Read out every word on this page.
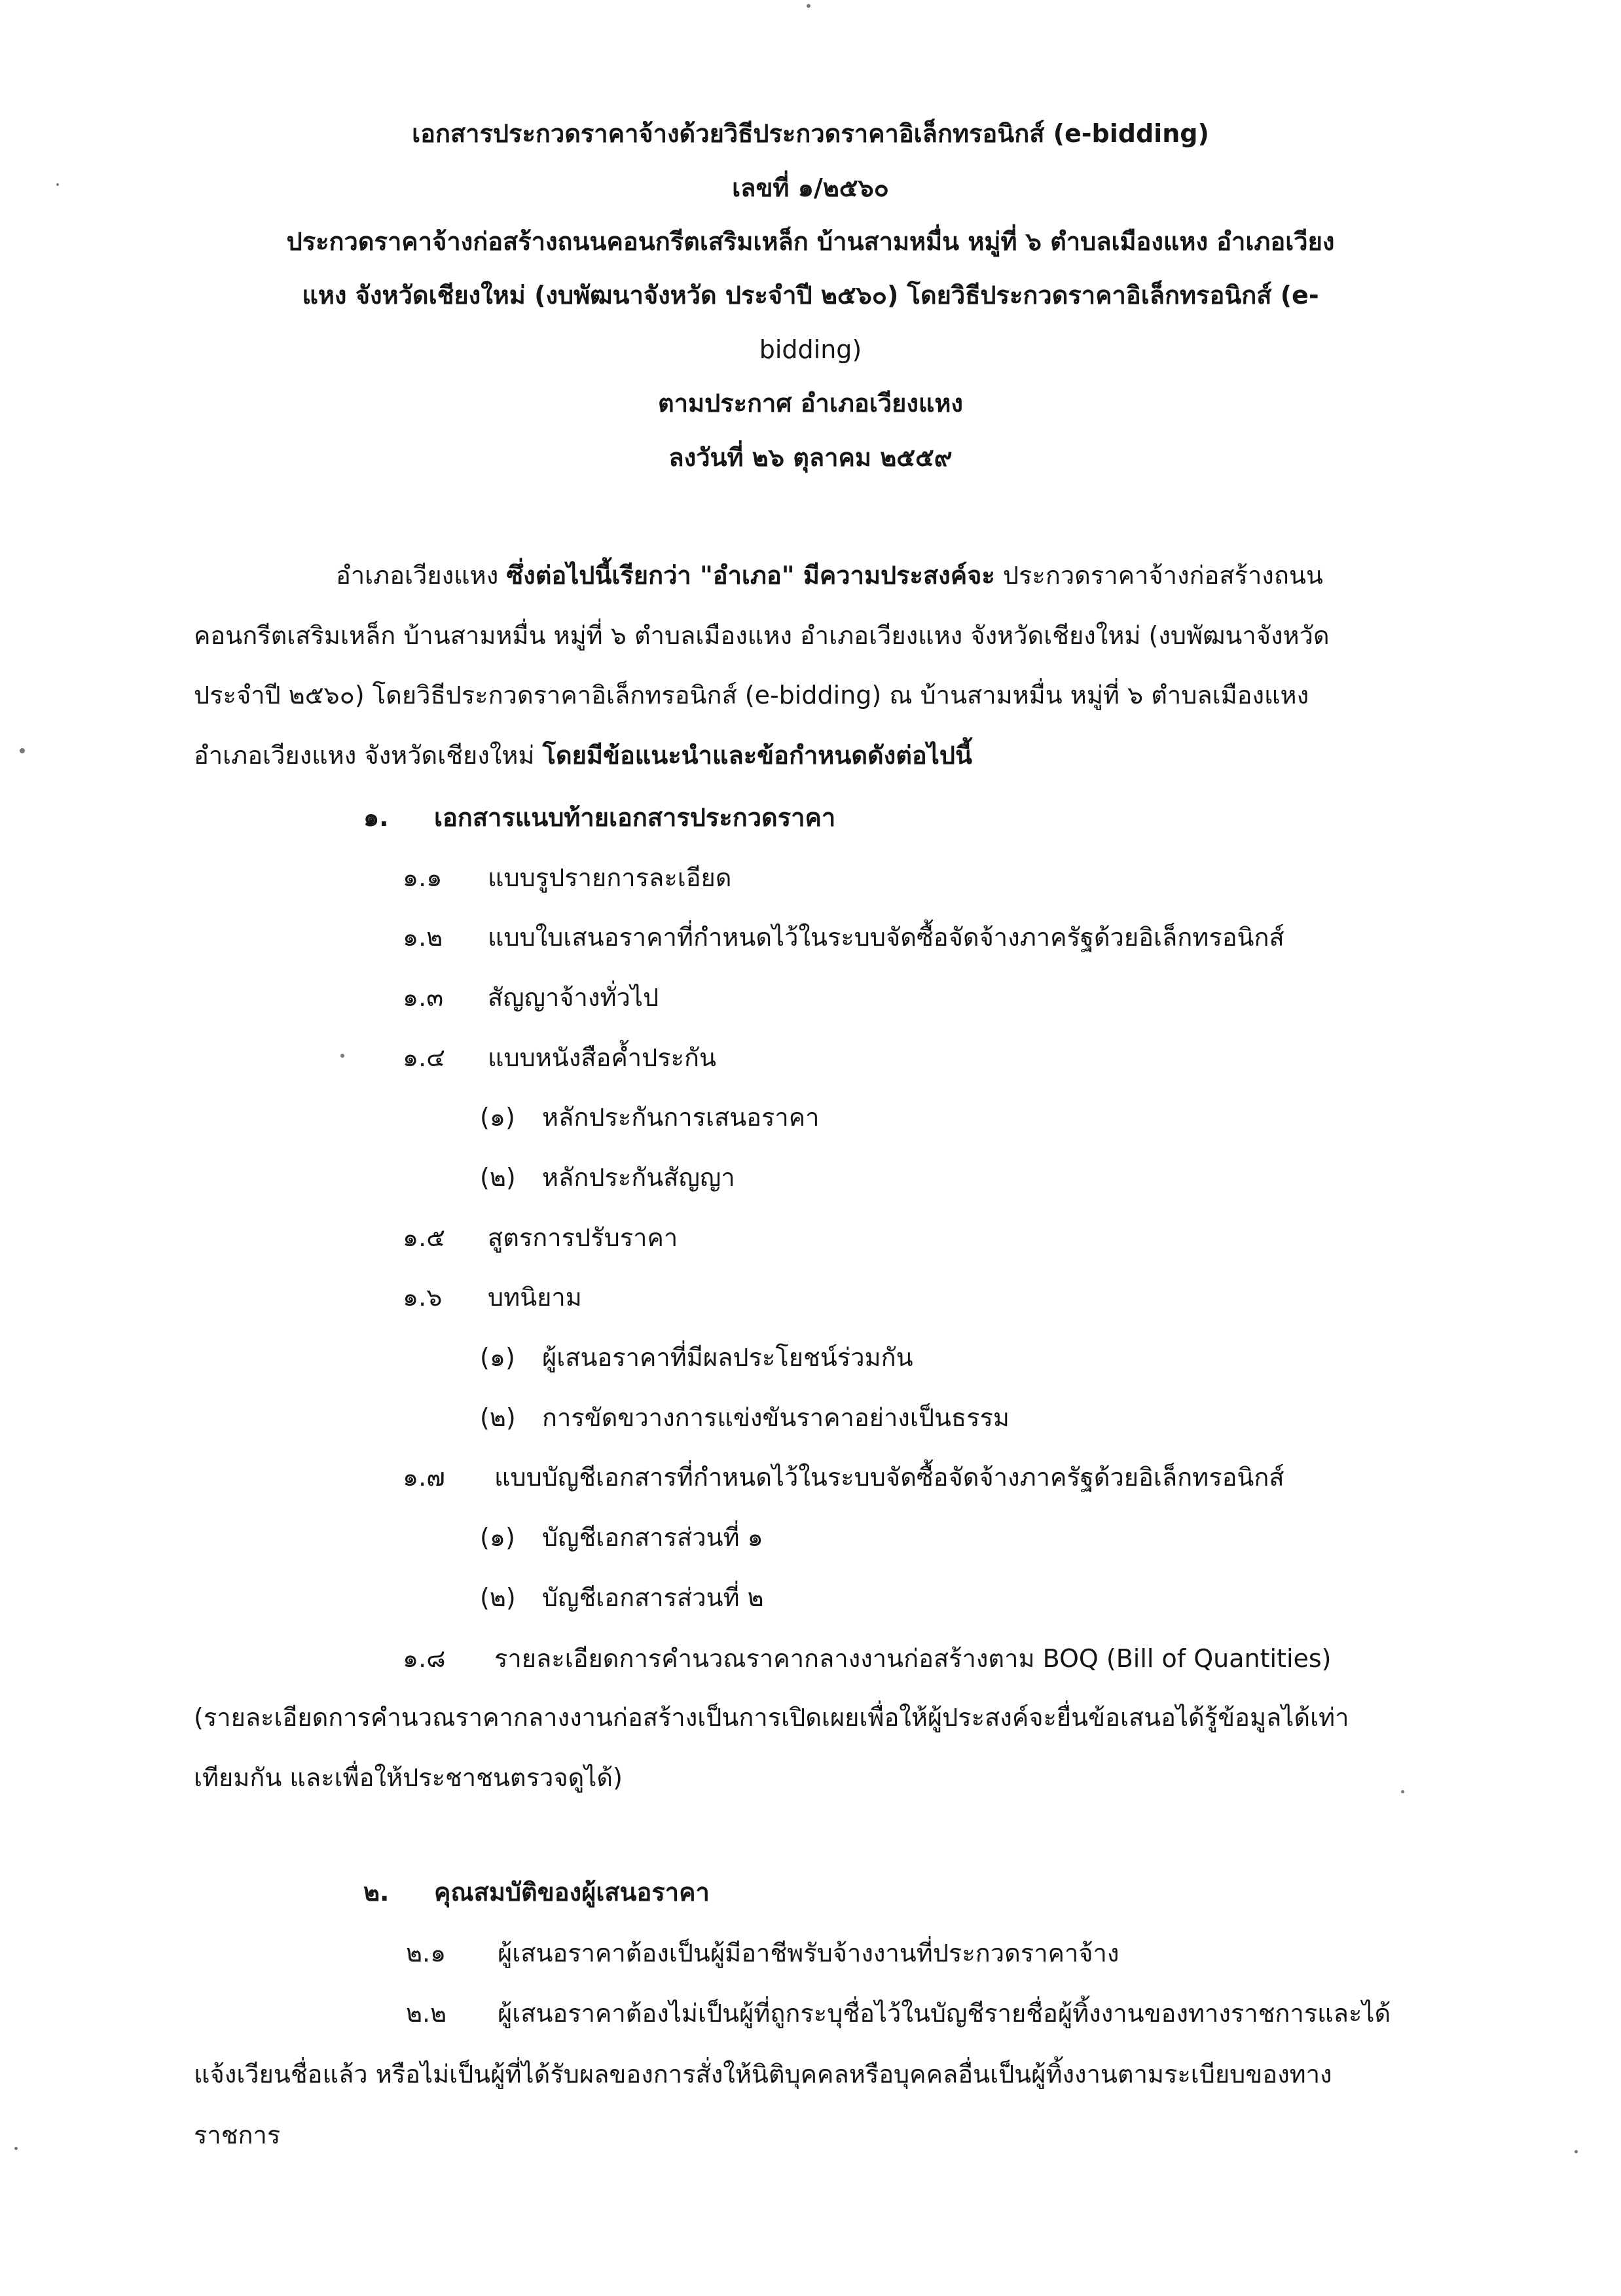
เอกสารประกวดราคาจ้างด้วยวิธีประกวดราคาอิเล็กทรอนิกส์ (e-bidding)
เลขที่ ๑/๒๕๖๐
ประกวดราคาจ้างก่อสร้างถนนคอนกรีตเสริมเหล็ก บ้านสามหมื่น หมู่ที่ ๖ ตำบลเมืองแหง อำเภอเวียง
แหง จังหวัดเชียงใหม่ (งบพัฒนาจังหวัด ประจำปี ๒๕๖๐) โดยวิธีประกวดราคาอิเล็กทรอนิกส์ (e-
bidding)
ตามประกาศ อำเภอเวียงแหง
ลงวันที่ ๒๖ ตุลาคม ๒๕๕๙
อำเภอเวียงแหง ซึ่งต่อไปนี้เรียกว่า "อำเภอ" มีความประสงค์จะ ประกวดราคาจ้างก่อสร้างถนน
คอนกรีตเสริมเหล็ก บ้านสามหมื่น หมู่ที่ ๖ ตำบลเมืองแหง อำเภอเวียงแหง จังหวัดเชียงใหม่ (งบพัฒนาจังหวัด
ประจำปี ๒๕๖๐) โดยวิธีประกวดราคาอิเล็กทรอนิกส์ (e-bidding) ณ บ้านสามหมื่น หมู่ที่ ๖ ตำบลเมืองแหง
อำเภอเวียงแหง จังหวัดเชียงใหม่ โดยมีข้อแนะนำและข้อกำหนดดังต่อไปนี้
๑. เอกสารแนบท้ายเอกสารประกวดราคา
๑.๑ แบบรูปรายการละเอียด
๑.๒ แบบใบเสนอราคาที่กำหนดไว้ในระบบจัดซื้อจัดจ้างภาครัฐด้วยอิเล็กทรอนิกส์
๑.๓ สัญญาจ้างทั่วไป
๑.๔ แบบหนังสือค้ำประกัน
(๑) หลักประกันการเสนอราคา
(๒) หลักประกันสัญญา
๑.๕ สูตรการปรับราคา
๑.๖ บทนิยาม
(๑) ผู้เสนอราคาที่มีผลประโยชน์ร่วมกัน
(๒) การขัดขวางการแข่งขันราคาอย่างเป็นธรรม
๑.๗ แบบบัญชีเอกสารที่กำหนดไว้ในระบบจัดซื้อจัดจ้างภาครัฐด้วยอิเล็กทรอนิกส์
(๑) บัญชีเอกสารส่วนที่ ๑
(๒) บัญชีเอกสารส่วนที่ ๒
๑.๘ รายละเอียดการคำนวณราคากลางงานก่อสร้างตาม BOQ (Bill of Quantities)
(รายละเอียดการคำนวณราคากลางงานก่อสร้างเป็นการเปิดเผยเพื่อให้ผู้ประสงค์จะยื่นข้อเสนอได้รู้ข้อมูลได้เท่า
เทียมกัน และเพื่อให้ประชาชนตรวจดูได้)
๒. คุณสมบัติของผู้เสนอราคา
๒.๑ ผู้เสนอราคาต้องเป็นผู้มีอาชีพรับจ้างงานที่ประกวดราคาจ้าง
๒.๒ ผู้เสนอราคาต้องไม่เป็นผู้ที่ถูกระบุชื่อไว้ในบัญชีรายชื่อผู้ทิ้งงานของทางราชการและได้
แจ้งเวียนชื่อแล้ว หรือไม่เป็นผู้ที่ได้รับผลของการสั่งให้นิติบุคคลหรือบุคคลอื่นเป็นผู้ทิ้งงานตามระเบียบของทาง
ราชการ
